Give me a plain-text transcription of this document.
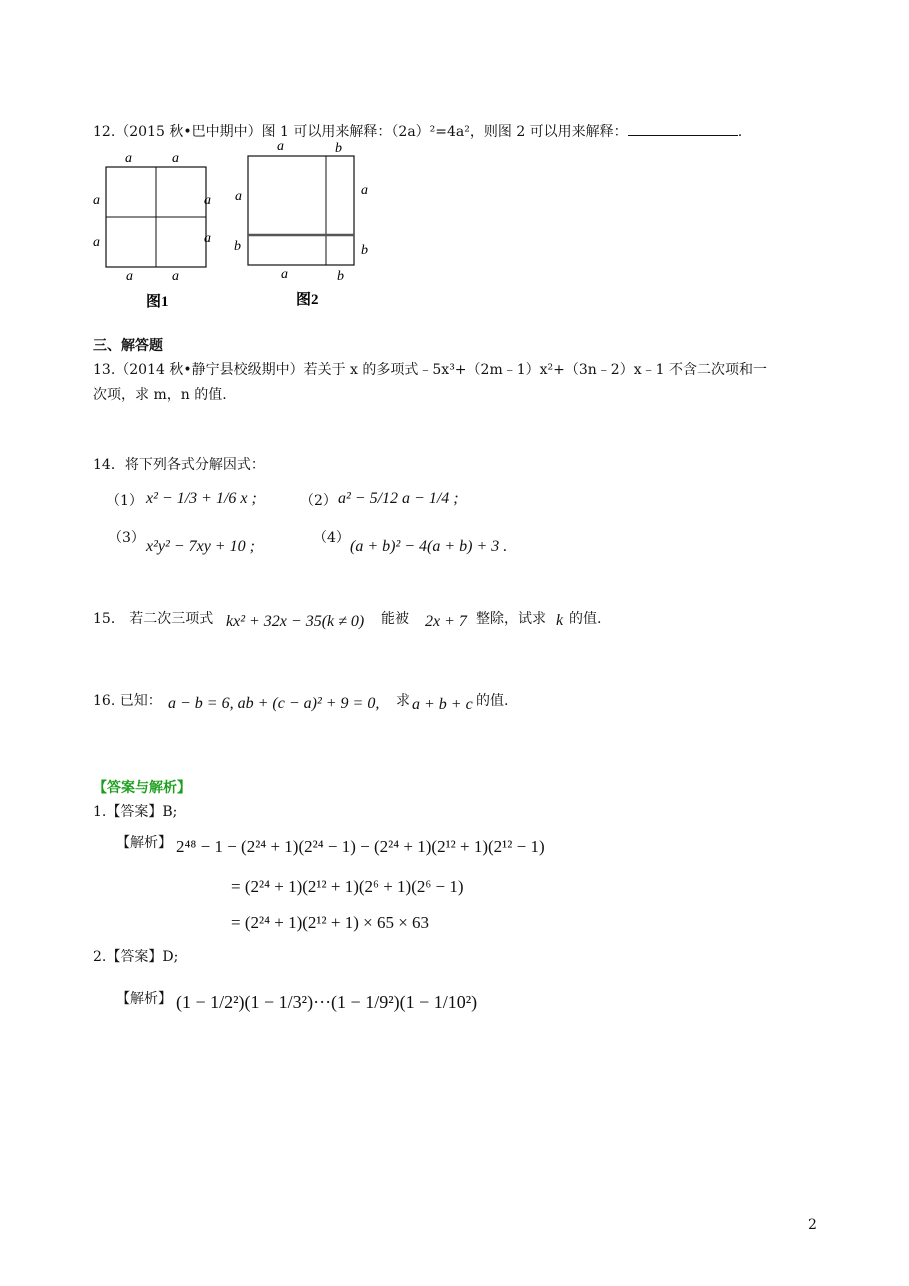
12.（2015 秋•巴中期中）图 1 可以用来解释：（2a）²=4a²，则图 2 可以用来解释：	.
a	a
a
a
a
a
a	a
图1
a	b
a
b
a
b
a	b
图2
三、解答题
13.（2014 秋•静宁县校级期中）若关于 x 的多项式﹣5x³+（2m﹣1）x²+（3n﹣2）x﹣1 不含二次项和一
次项，求 m，n 的值.
14．将下列各式分解因式：
（1） x² − 1/3 + 1/6 x ;	（2） a² − 5/12 a − 1/4 ;
（3） x²y² − 7xy + 10 ;	（4） (a + b)² − 4(a + b) + 3 .
15． 若二次三项式 kx² + 32x − 35(k ≠ 0) 能被 2x + 7 整除，试求 k 的值.
16. 已知： a − b = 6, ab + (c − a)² + 9 = 0, 求 a + b + c 的值.
【答案与解析】
1.【答案】B;
【解析】 2⁴⁸ − 1 − (2²⁴ + 1)(2²⁴ − 1) − (2²⁴ + 1)(2¹² + 1)(2¹² − 1)
= (2²⁴ + 1)(2¹² + 1)(2⁶ + 1)(2⁶ − 1)
= (2²⁴ + 1)(2¹² + 1) × 65 × 63
2.【答案】D;
【解析】 (1 − 1/2²)(1 − 1/3²)···(1 − 1/9²)(1 − 1/10²)
2
